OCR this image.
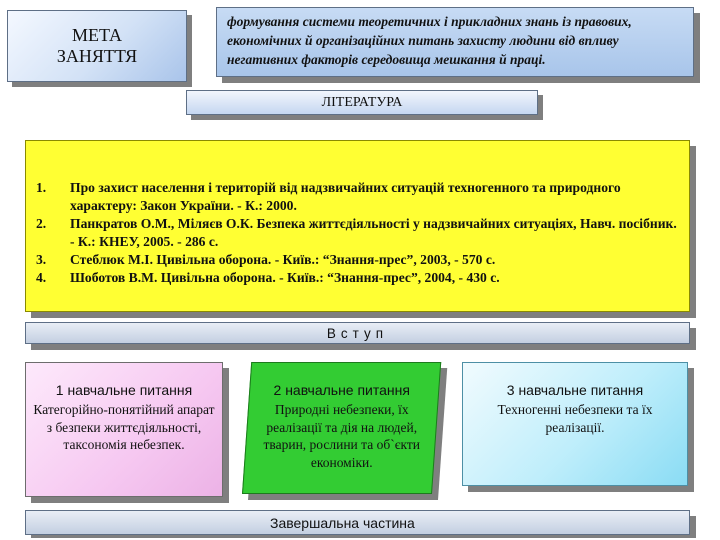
МЕТА
ЗАНЯТТЯ
формування системи теоретичних і прикладних знань із правових, економічних й організаційних питань захисту людини від впливу негативних факторів середовища мешкання й праці.
ЛІТЕРАТУРА
1.	Про захист населення і територій від надзвичайних ситуацій техногенного та природного характеру: Закон України. - К.: 2000.
2.	Панкратов О.М., Міляєв О.К. Безпека життєдіяльності у надзвичайних ситуаціях, Навч. посібник. - К.: КНЕУ, 2005. - 286 с.
3.	Стеблюк М.І. Цивільна оборона. - Київ.: “Знання-прес”, 2003, - 570 с.
4.	Шоботов В.М. Цивільна оборона. - Київ.: “Знання-прес”, 2004, - 430 с.
Вступ
1 навчальне питання
Категорійно-понятійний апарат з безпеки життєдіяльності, таксономія небезпек.
2 навчальне питання
Природні небезпеки, їх реалізації та дія на людей, тварин, рослини та об`єкти економіки.
3 навчальне питання
Техногенні небезпеки та їх реалізації.
Завершальна частина
